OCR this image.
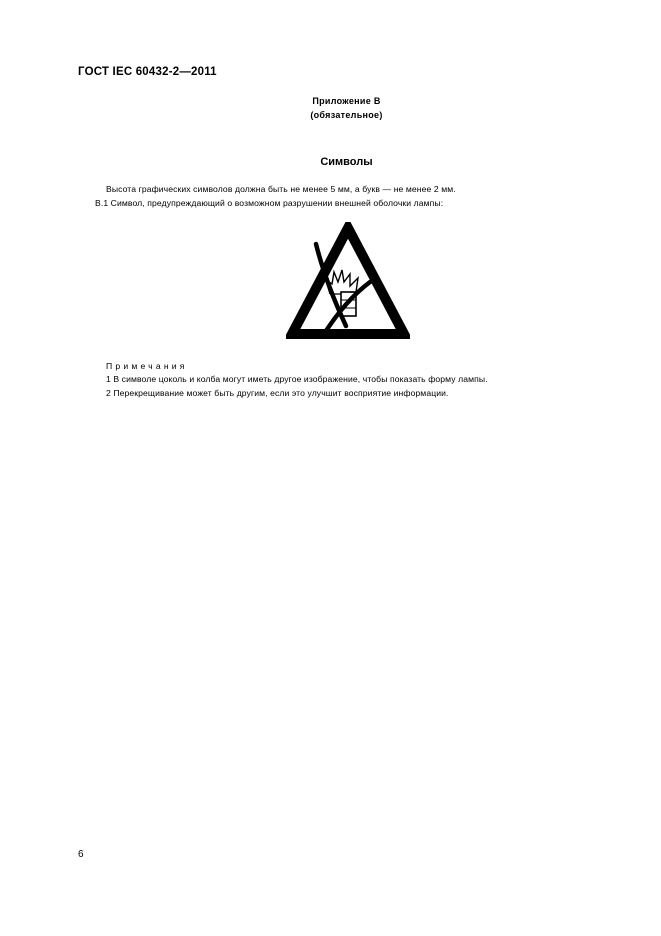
ГОСТ IEC 60432-2—2011
Приложение В
(обязательное)
Символы
Высота графических символов должна быть не менее 5 мм, а букв — не менее 2 мм.
В.1 Символ, предупреждающий о возможном разрушении внешней оболочки лампы:
Примечания
1 В символе цоколь и колба могут иметь другое изображение, чтобы показать форму лампы.
2 Перекрещивание может быть другим, если это улучшит восприятие информации.
6
